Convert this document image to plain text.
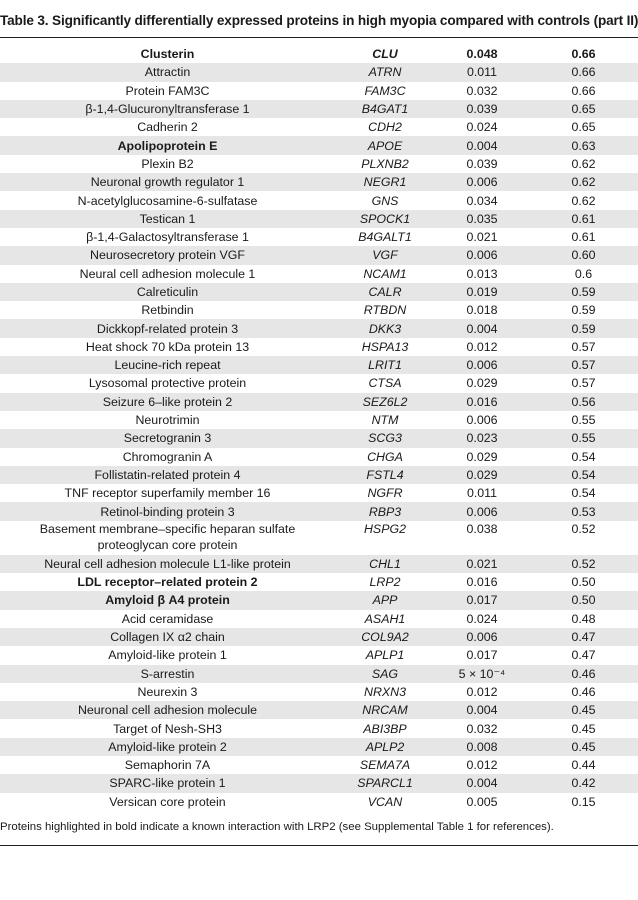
Table 3. Significantly differentially expressed proteins in high myopia compared with controls (part II)
Clusterin	CLU	0.048	0.66
Attractin	ATRN	0.011	0.66
Protein FAM3C	FAM3C	0.032	0.66
β-1,4-Glucuronyltransferase 1	B4GAT1	0.039	0.65
Cadherin 2	CDH2	0.024	0.65
Apolipoprotein E	APOE	0.004	0.63
Plexin B2	PLXNB2	0.039	0.62
Neuronal growth regulator 1	NEGR1	0.006	0.62
N-acetylglucosamine-6-sulfatase	GNS	0.034	0.62
Testican 1	SPOCK1	0.035	0.61
β-1,4-Galactosyltransferase 1	B4GALT1	0.021	0.61
Neurosecretory protein VGF	VGF	0.006	0.60
Neural cell adhesion molecule 1	NCAM1	0.013	0.6
Calreticulin	CALR	0.019	0.59
Retbindin	RTBDN	0.018	0.59
Dickkopf-related protein 3	DKK3	0.004	0.59
Heat shock 70 kDa protein 13	HSPA13	0.012	0.57
Leucine-rich repeat	LRIT1	0.006	0.57
Lysosomal protective protein	CTSA	0.029	0.57
Seizure 6–like protein 2	SEZ6L2	0.016	0.56
Neurotrimin	NTM	0.006	0.55
Secretogranin 3	SCG3	0.023	0.55
Chromogranin A	CHGA	0.029	0.54
Follistatin-related protein 4	FSTL4	0.029	0.54
TNF receptor superfamily member 16	NGFR	0.011	0.54
Retinol-binding protein 3	RBP3	0.006	0.53
Basement membrane–specific heparan sulfate
proteoglycan core protein	HSPG2	0.038	0.52
Neural cell adhesion molecule L1-like protein	CHL1	0.021	0.52
LDL receptor–related protein 2	LRP2	0.016	0.50
Amyloid β A4 protein	APP	0.017	0.50
Acid ceramidase	ASAH1	0.024	0.48
Collagen IX α2 chain	COL9A2	0.006	0.47
Amyloid-like protein 1	APLP1	0.017	0.47
S-arrestin	SAG	5 × 10⁻⁴	0.46
Neurexin 3	NRXN3	0.012	0.46
Neuronal cell adhesion molecule	NRCAM	0.004	0.45
Target of Nesh-SH3	ABI3BP	0.032	0.45
Amyloid-like protein 2	APLP2	0.008	0.45
Semaphorin 7A	SEMA7A	0.012	0.44
SPARC-like protein 1	SPARCL1	0.004	0.42
Versican core protein	VCAN	0.005	0.15
Proteins highlighted in bold indicate a known interaction with LRP2 (see Supplemental Table 1 for references).
